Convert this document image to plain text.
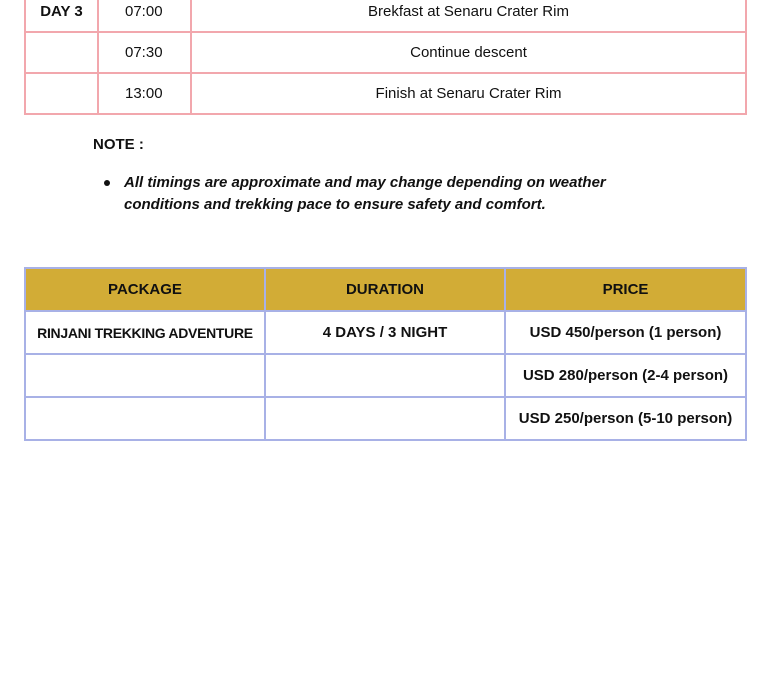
DAY 3	07:00	Brekfast at Senaru Crater Rim
	07:30	Continue descent
	13:00	Finish at Senaru Crater Rim
NOTE :
All timings are approximate and may change depending on weather conditions and trekking pace to ensure safety and comfort.
PACKAGE	DURATION	PRICE
RINJANI TREKKING ADVENTURE	4 DAYS / 3 NIGHT	USD 450/person (1 person)
		USD 280/person (2-4 person)
		USD 250/person (5-10 person)
